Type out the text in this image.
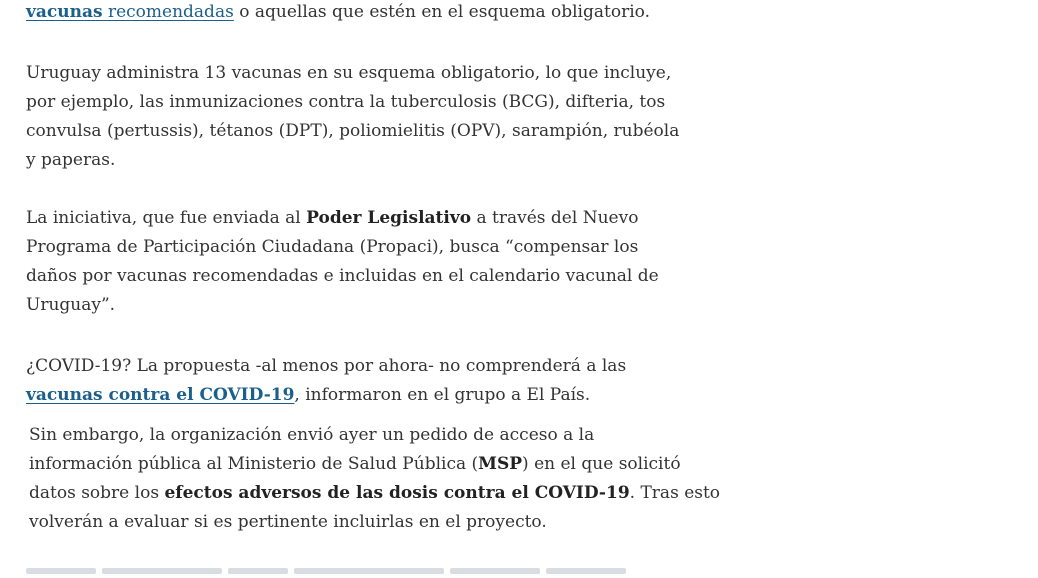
vacunas recomendadas o aquellas que estén en el esquema obligatorio.

Uruguay administra 13 vacunas en su esquema obligatorio, lo que incluye,
por ejemplo, las inmunizaciones contra la tuberculosis (BCG), difteria, tos
convulsa (pertussis), tétanos (DPT), poliomielitis (OPV), sarampión, rubéola
y paperas.

La iniciativa, que fue enviada al Poder Legislativo a través del Nuevo
Programa de Participación Ciudadana (Propaci), busca “compensar los
daños por vacunas recomendadas e incluidas en el calendario vacunal de
Uruguay”.

¿COVID-19? La propuesta -al menos por ahora- no comprenderá a las
vacunas contra el COVID-19, informaron en el grupo a El País.

Sin embargo, la organización envió ayer un pedido de acceso a la
información pública al Ministerio de Salud Pública (MSP) en el que solicitó
datos sobre los efectos adversos de las dosis contra el COVID-19. Tras esto
volverán a evaluar si es pertinente incluirlas en el proyecto.
